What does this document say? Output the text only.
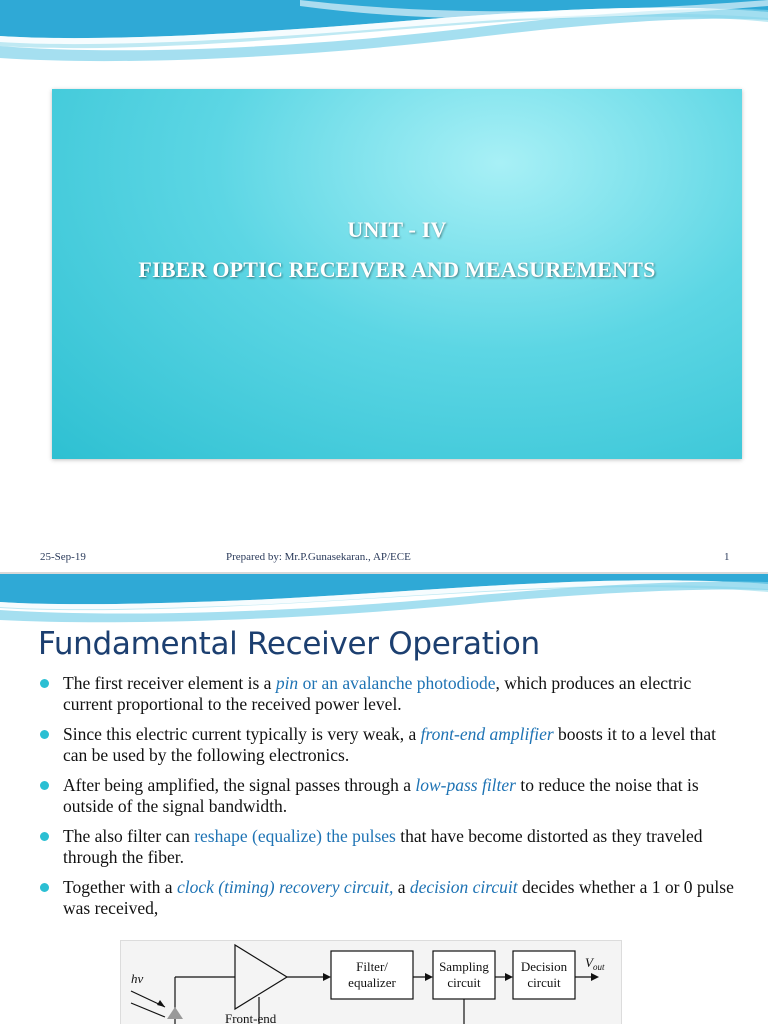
UNIT - IV
FIBER OPTIC RECEIVER AND MEASUREMENTS
25-Sep-19	Prepared by: Mr.P.Gunasekaran., AP/ECE	1
Fundamental Receiver Operation
The first receiver element is a pin or an avalanche photodiode, which produces an electric current proportional to the received power level.
Since this electric current typically is very weak, a front-end amplifier boosts it to a level that can be used by the following electronics.
After being amplified, the signal passes through a low-pass filter to reduce the noise that is outside of the signal bandwidth.
The also filter can reshape (equalize) the pulses that have become distorted as they traveled through the fiber.
Together with a clock (timing) recovery circuit, a decision circuit decides whether a 1 or 0 pulse was received,
hν
Front-end
Filter/
equalizer
Sampling
circuit
Decision
circuit
$V_{out}$
